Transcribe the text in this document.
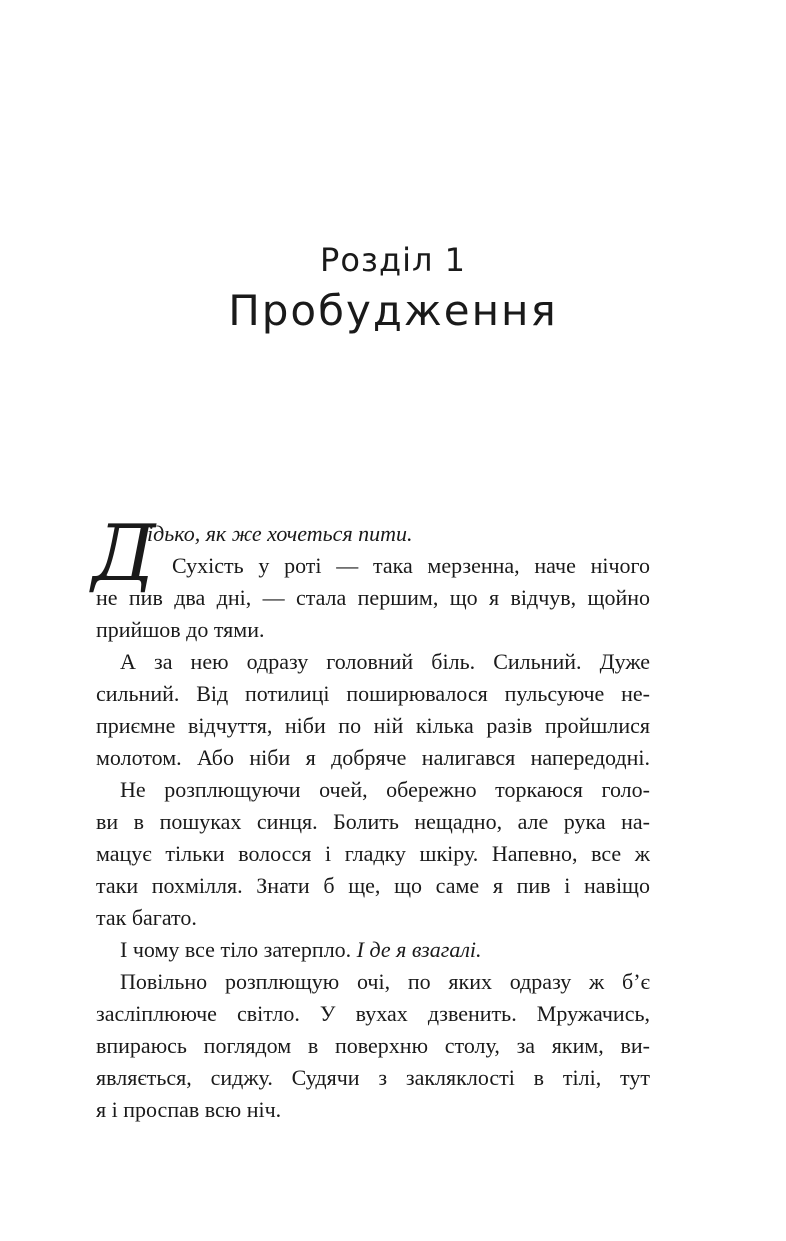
Розділ 1
Пробудження
Д
ідько, як же хочеться пити.
Сухість у роті — така мерзенна, наче нічого
не пив два дні, — стала першим, що я відчув, щойно
прийшов до тями.
А за нею одразу головний біль. Сильний. Дуже
сильний. Від потилиці поширювалося пульсуюче не-
приємне відчуття, ніби по ній кілька разів пройшлися
молотом. Або ніби я добряче налигався напередодні.
Не розплющуючи очей, обережно торкаюся голо-
ви в пошуках синця. Болить нещадно, але рука на-
мацує тільки волосся і гладку шкіру. Напевно, все ж
таки похмілля. Знати б ще, що саме я пив і навіщо
так багато.
І чому все тіло затерпло. І де я взагалі.
Повільно розплющую очі, по яких одразу ж б’є
засліплююче світло. У вухах дзвенить. Мружачись,
впираюсь поглядом в поверхню столу, за яким, ви-
являється, сиджу. Судячи з закляклості в тілі, тут
я і проспав всю ніч.
